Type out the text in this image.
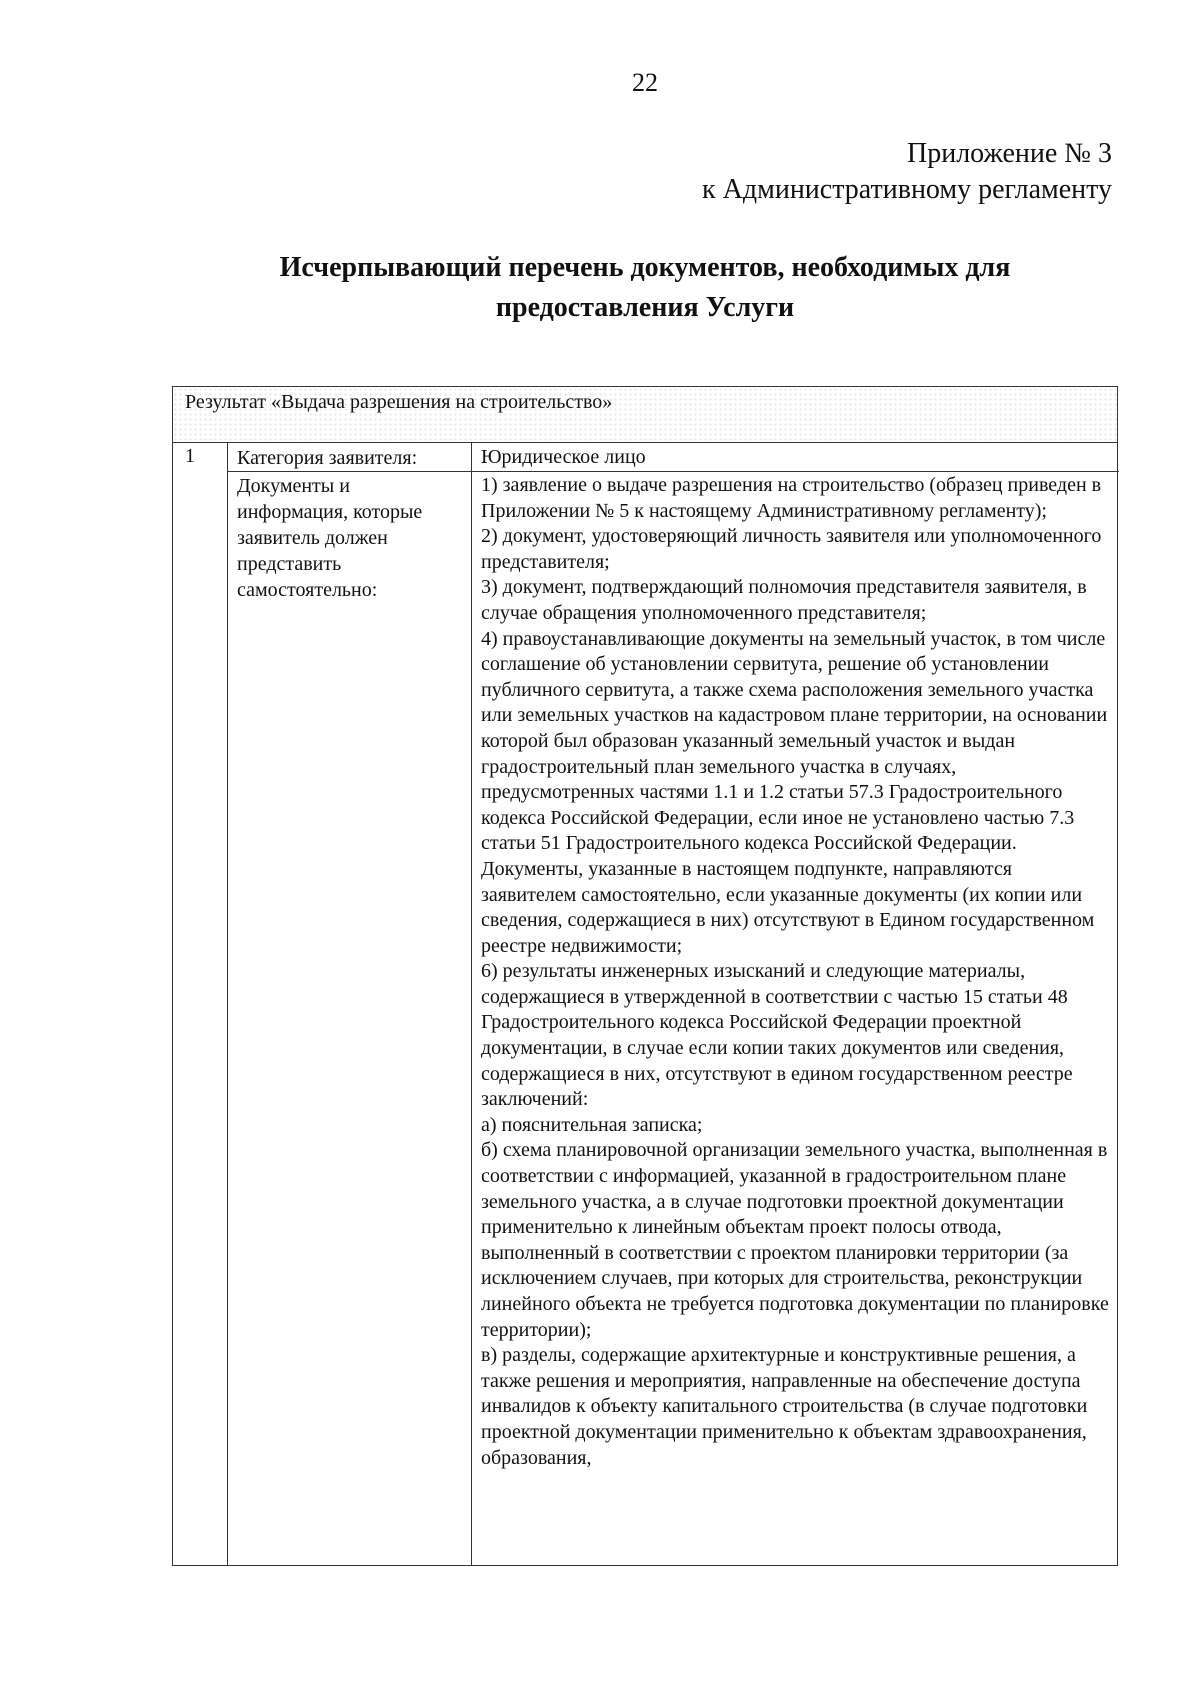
22
Приложение № 3
к Административному регламенту
Исчерпывающий перечень документов, необходимых для
предоставления Услуги
Результат «Выдача разрешения на строительство»
1 Категория заявителя:
Документы и информация, которые заявитель должен представить самостоятельно:
Юридическое лицо

1) заявление о выдаче разрешения на строительство (образец приведен в Приложении № 5 к настоящему Административному регламенту);

2) документ, удостоверяющий личность заявителя или уполномоченного представителя;

3) документ, подтверждающий полномочия представителя заявителя, в случае обращения уполномоченного представителя;

4) правоустанавливающие документы на земельный участок, в том числе соглашение об установлении сервитута, решение об установлении публичного сервитута, а также схема расположения земельного участка или земельных участков на кадастровом плане территории, на основании которой был образован указанный земельный участок и выдан градостроительный план земельного участка в случаях, предусмотренных частями 1.1 и 1.2 статьи 57.3 Градостроительного кодекса Российской Федерации, если иное не установлено частью 7.3 статьи 51 Градостроительного кодекса Российской Федерации. Документы, указанные в настоящем подпункте, направляются заявителем самостоятельно, если указанные документы (их копии или сведения, содержащиеся в них) отсутствуют в Едином государственном реестре недвижимости;

6) результаты инженерных изысканий и следующие материалы, содержащиеся в утвержденной в соответствии с частью 15 статьи 48 Градостроительного кодекса Российской Федерации проектной документации, в случае если копии таких документов или сведения, содержащиеся в них, отсутствуют в едином государственном реестре заключений:

а) пояснительная записка;

б) схема планировочной организации земельного участка, выполненная в соответствии с информацией, указанной в градостроительном плане земельного участка, а в случае подготовки проектной документации применительно к линейным объектам проект полосы отвода, выполненный в соответствии с проектом планировки территории (за исключением случаев, при которых для строительства, реконструкции линейного объекта не требуется подготовка документации по планировке территории);

в) разделы, содержащие архитектурные и конструктивные решения, а также решения и мероприятия, направленные на обеспечение доступа инвалидов к объекту капитального строительства (в случае подготовки проектной документации применительно к объектам здравоохранения, образования,
